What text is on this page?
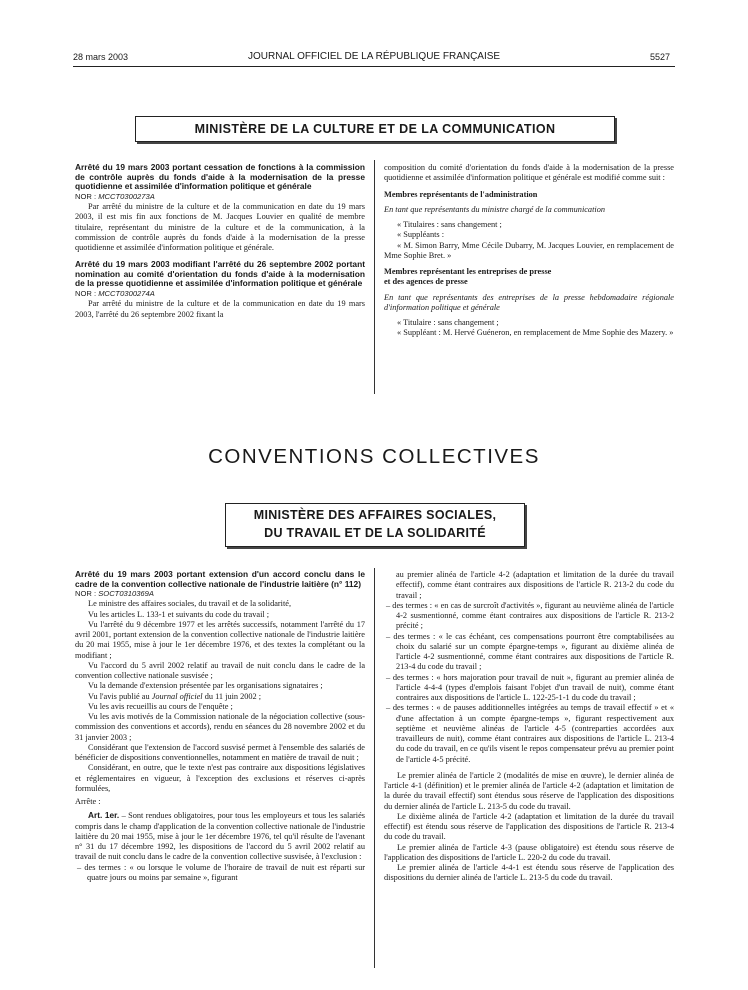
28 mars 2003	JOURNAL OFFICIEL DE LA RÉPUBLIQUE FRANÇAISE	5527
MINISTÈRE DE LA CULTURE ET DE LA COMMUNICATION

Arrêté du 19 mars 2003 portant cessation de fonctions à la commission de contrôle auprès du fonds d'aide à la modernisation de la presse quotidienne et assimilée d'information politique et générale

NOR : MCCT0300273A

Par arrêté du ministre de la culture et de la communication en date du 19 mars 2003, il est mis fin aux fonctions de M. Jacques Louvier en qualité de membre titulaire, représentant du ministre de la culture et de la communication, à la commission de contrôle auprès du fonds d'aide à la modernisation de la presse quotidienne et assimilée d'information politique et générale.

Arrêté du 19 mars 2003 modifiant l'arrêté du 26 septembre 2002 portant nomination au comité d'orientation du fonds d'aide à la modernisation de la presse quotidienne et assimilée d'information politique et générale

NOR : MCCT0300274A

Par arrêté du ministre de la culture et de la communication en date du 19 mars 2003, l'arrêté du 26 septembre 2002 fixant la

composition du comité d'orientation du fonds d'aide à la modernisation de la presse quotidienne et assimilée d'information politique et générale est modifié comme suit :

Membres représentants de l'administration

En tant que représentants du ministre chargé de la communication

« Titulaires : sans changement ;

« Suppléants :

« M. Simon Barry, Mme Cécile Dubarry, M. Jacques Louvier, en remplacement de Mme Sophie Bret. »

Membres représentant les entreprises de presse

et des agences de presse

En tant que représentants des entreprises de la presse hebdomadaire régionale d'information politique et générale

« Titulaire : sans changement ;

« Suppléant : M. Hervé Guéneron, en remplacement de Mme Sophie des Mazery. »

CONVENTIONS COLLECTIVES
MINISTÈRE DES AFFAIRES SOCIALES,
DU TRAVAIL ET DE LA SOLIDARITÉ

Arrêté du 19 mars 2003 portant extension d'un accord conclu dans le cadre de la convention collective nationale de l'industrie laitière (n° 112)

NOR : SOCT0310369A

Le ministre des affaires sociales, du travail et de la solidarité,

Vu les articles L. 133-1 et suivants du code du travail ;

Vu l'arrêté du 9 décembre 1977 et les arrêtés successifs, notamment l'arrêté du 17 avril 2001, portant extension de la convention collective nationale de l'industrie laitière du 20 mai 1955, mise à jour le 1er décembre 1976, et des textes la complétant ou la modifiant ;

Vu l'accord du 5 avril 2002 relatif au travail de nuit conclu dans le cadre de la convention collective nationale susvisée ;

Vu la demande d'extension présentée par les organisations signataires ;

Vu l'avis publié au Journal officiel du 11 juin 2002 ;

Vu les avis recueillis au cours de l'enquête ;

Vu les avis motivés de la Commission nationale de la négociation collective (sous-commission des conventions et accords), rendu en séances du 28 novembre 2002 et du 31 janvier 2003 ;

Considérant que l'extension de l'accord susvisé permet à l'ensemble des salariés de bénéficier de dispositions conventionnelles, notamment en matière de travail de nuit ;

Considérant, en outre, que le texte n'est pas contraire aux dispositions législatives et réglementaires en vigueur, à l'exception des exclusions et réserves ci-après formulées,

Arrête :

Art. 1er. – Sont rendues obligatoires, pour tous les employeurs et tous les salariés compris dans le champ d'application de la convention collective nationale de l'industrie laitière du 20 mai 1955, mise à jour le 1er décembre 1976, tel qu'il résulte de l'avenant n° 31 du 17 décembre 1992, les dispositions de l'accord du 5 avril 2002 relatif au travail de nuit conclu dans le cadre de la convention collective susvisée, à l'exclusion :

– des termes : « ou lorsque le volume de l'horaire de travail de nuit est réparti sur quatre jours ou moins par semaine », figurant

au premier alinéa de l'article 4-2 (adaptation et limitation de la durée du travail effectif), comme étant contraires aux dispositions de l'article R. 213-2 du code du travail ;

– des termes : « en cas de surcroît d'activités », figurant au neuvième alinéa de l'article 4-2 susmentionné, comme étant contraires aux dispositions de l'article R. 213-2 précité ;

– des termes : « le cas échéant, ces compensations pourront être comptabilisées au choix du salarié sur un compte épargne-temps », figurant au dixième alinéa de l'article 4-2 susmentionné, comme étant contraires aux dispositions de l'article R. 213-4 du code du travail ;

– des termes : « hors majoration pour travail de nuit », figurant au premier alinéa de l'article 4-4-4 (types d'emplois faisant l'objet d'un travail de nuit), comme étant contraires aux dispositions de l'article L. 122-25-1-1 du code du travail ;

– des termes : « de pauses additionnelles intégrées au temps de travail effectif » et « d'une affectation à un compte épargne-temps », figurant respectivement aux septième et neuvième alinéas de l'article 4-5 (contreparties accordées aux travailleurs de nuit), comme étant contraires aux dispositions de l'article L. 213-4 du code du travail, en ce qu'ils visent le repos compensateur prévu au premier point de l'article 4-5 précité.

Le premier alinéa de l'article 2 (modalités de mise en œuvre), le dernier alinéa de l'article 4-1 (définition) et le premier alinéa de l'article 4-2 (adaptation et limitation de la durée du travail effectif) sont étendus sous réserve de l'application des dispositions du dernier alinéa de l'article L. 213-5 du code du travail.

Le dixième alinéa de l'article 4-2 (adaptation et limitation de la durée du travail effectif) est étendu sous réserve de l'application des dispositions de l'article R. 213-4 du code du travail.

Le premier alinéa de l'article 4-3 (pause obligatoire) est étendu sous réserve de l'application des dispositions de l'article L. 220-2 du code du travail.

Le premier alinéa de l'article 4-4-1 est étendu sous réserve de l'application des dispositions du dernier alinéa de l'article L. 213-5 du code du travail.
